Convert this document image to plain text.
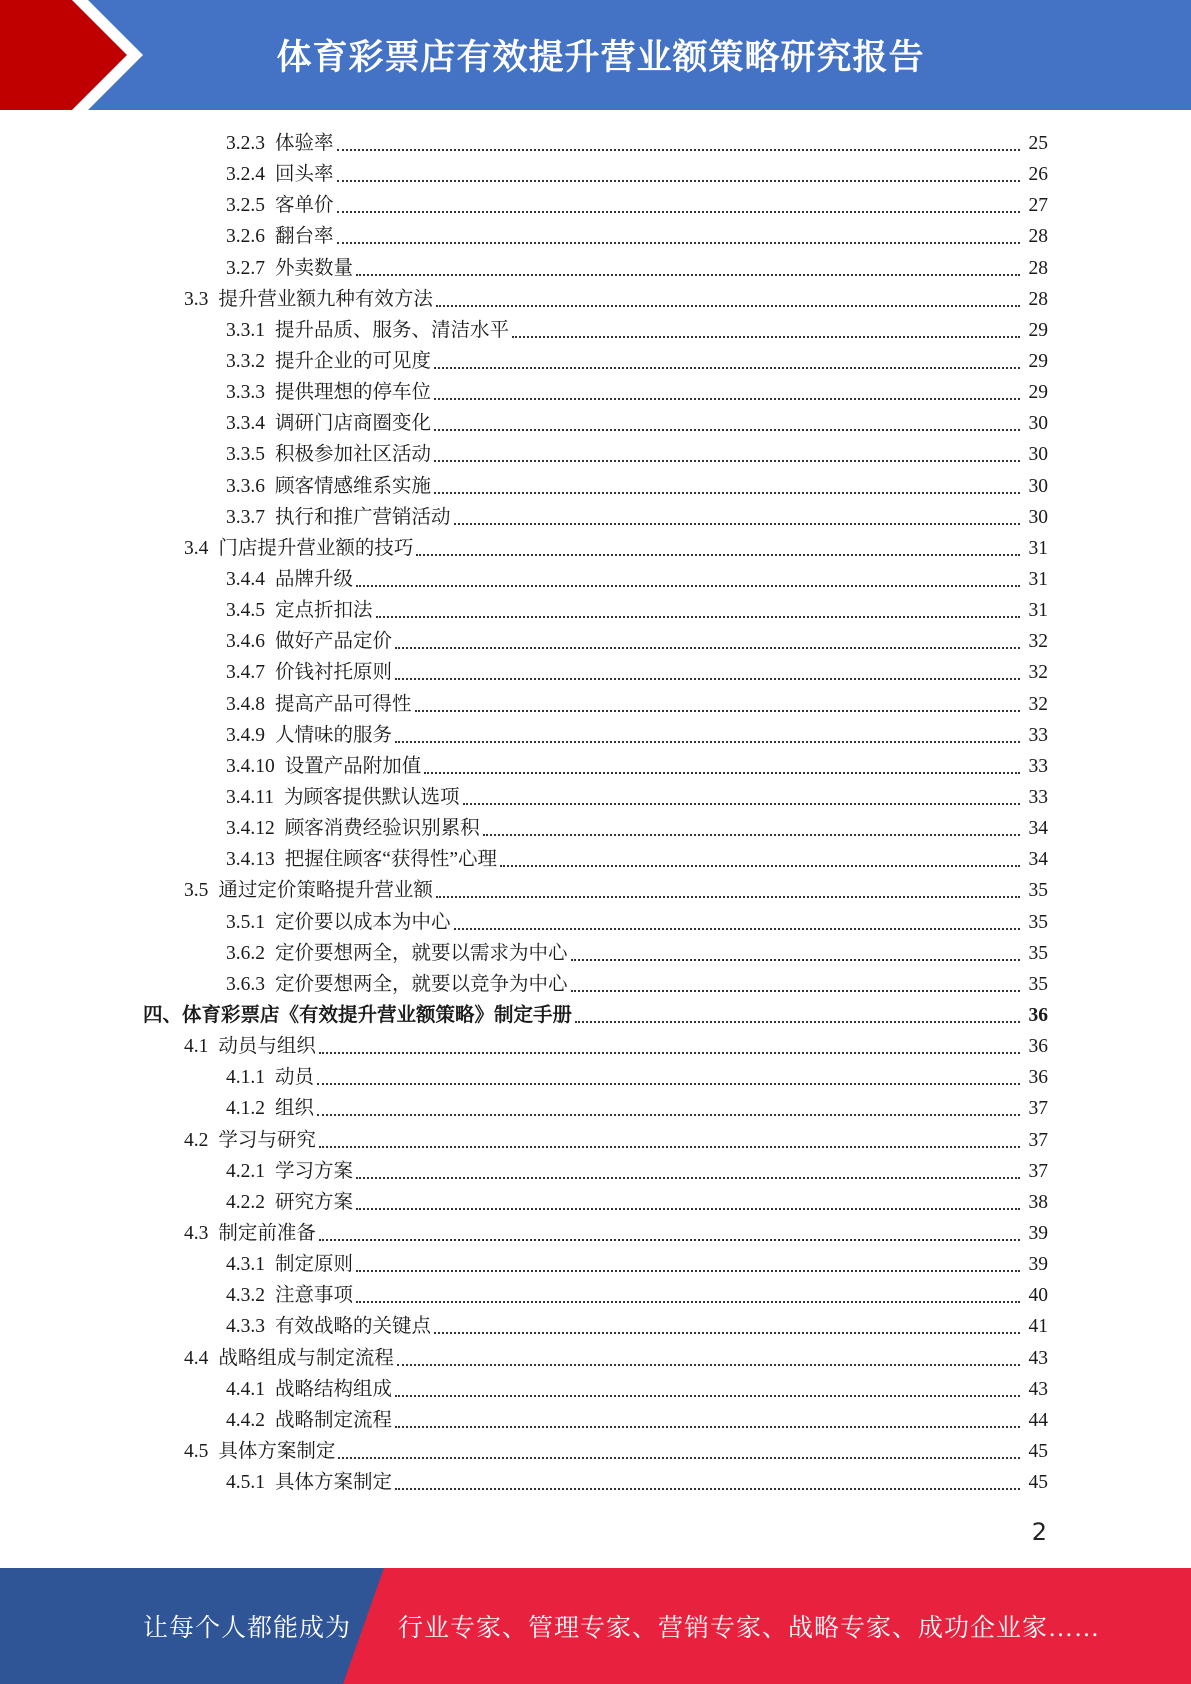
体育彩票店有效提升营业额策略研究报告
3.2.3 体验率	25
3.2.4 回头率	26
3.2.5 客单价	27
3.2.6 翻台率	28
3.2.7 外卖数量	28
3.3 提升营业额九种有效方法	28
3.3.1 提升品质、服务、清洁水平	29
3.3.2 提升企业的可见度	29
3.3.3 提供理想的停车位	29
3.3.4 调研门店商圈变化	30
3.3.5 积极参加社区活动	30
3.3.6 顾客情感维系实施	30
3.3.7 执行和推广营销活动	30
3.4 门店提升营业额的技巧	31
3.4.4 品牌升级	31
3.4.5 定点折扣法	31
3.4.6 做好产品定价	32
3.4.7 价钱衬托原则	32
3.4.8 提高产品可得性	32
3.4.9 人情味的服务	33
3.4.10 设置产品附加值	33
3.4.11 为顾客提供默认选项	33
3.4.12 顾客消费经验识别累积	34
3.4.13 把握住顾客“获得性”心理	34
3.5 通过定价策略提升营业额	35
3.5.1 定价要以成本为中心	35
3.6.2 定价要想两全，就要以需求为中心	35
3.6.3 定价要想两全，就要以竞争为中心	35
四、体育彩票店《有效提升营业额策略》制定手册	36
4.1 动员与组织	36
4.1.1 动员	36
4.1.2 组织	37
4.2 学习与研究	37
4.2.1 学习方案	37
4.2.2 研究方案	38
4.3 制定前准备	39
4.3.1 制定原则	39
4.3.2 注意事项	40
4.3.3 有效战略的关键点	41
4.4 战略组成与制定流程	43
4.4.1 战略结构组成	43
4.4.2 战略制定流程	44
4.5 具体方案制定	45
4.5.1 具体方案制定	45
2
让每个人都能成为 行业专家、管理专家、营销专家、战略专家、成功企业家……
